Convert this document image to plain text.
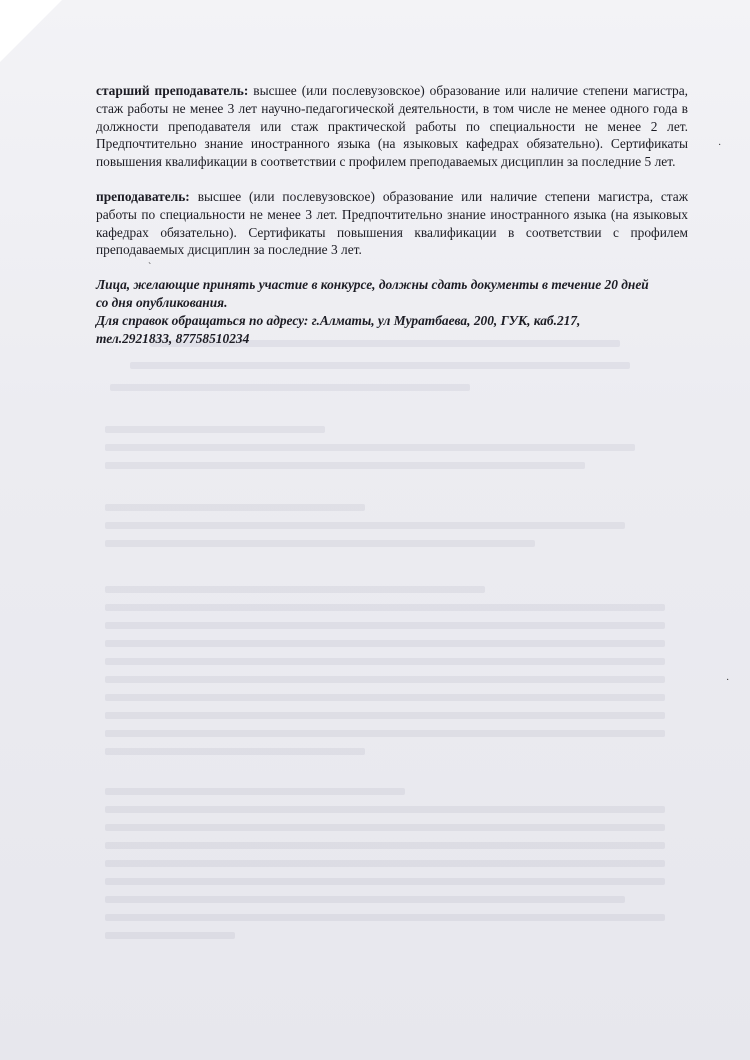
`
·
·

старший преподаватель: высшее (или послевузовское) образование или наличие степени магистра, стаж работы не менее 3 лет научно-педагогической деятельности, в том числе не менее одного года в должности преподавателя или стаж практической работы по специальности не менее 2 лет. Предпочтительно знание иностранного языка (на языковых кафедрах обязательно). Сертификаты повышения квалификации в соответствии с профилем преподаваемых дисциплин за последние 5 лет.

преподаватель: высшее (или послевузовское) образование или наличие степени магистра, стаж работы по специальности не менее 3 лет. Предпочтительно знание иностранного языка (на языковых кафедрах обязательно). Сертификаты повышения квалификации в соответствии с профилем преподаваемых дисциплин за последние 3 лет.

Лица, желающие принять участие в конкурсе, должны сдать документы в течение 20 дней
со дня опубликования.
Для справок обращаться по адресу: г.Алматы, ул Муратбаева, 200, ГУК, каб.217,
тел.2921833, 87758510234
